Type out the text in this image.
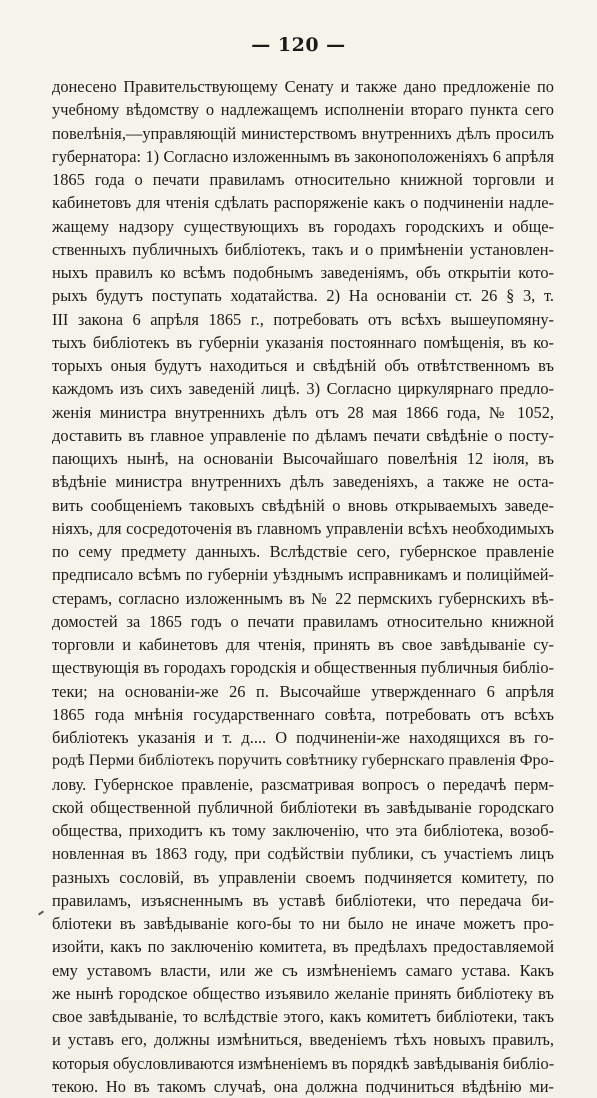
— 120 —
донесено Правительствующему Сенату и также дано предложеніе по
учебному вѣдомству о надлежащемъ исполненіи втораго пункта сего
повелѣнія,—управляющій министерствомъ внутреннихъ дѣлъ просилъ
губернатора: 1) Согласно изложеннымъ въ законоположеніяхъ 6 апрѣля
1865 года о печати правиламъ относительно книжной торговли и
кабинетовъ для чтенія сдѣлать распоряженіе какъ о подчиненіи надле-
жащему надзору существующихъ въ городахъ городскихъ и обще-
ственныхъ публичныхъ библіотекъ, такъ и о примѣненіи установлен-
ныхъ правилъ ко всѣмъ подобнымъ заведеніямъ, объ открытіи кото-
рыхъ будутъ поступать ходатайства. 2) На основаніи ст. 26 § 3, т.
III закона 6 апрѣля 1865 г., потребовать отъ всѣхъ вышеупомяну-
тыхъ библіотекъ въ губерніи указанія постояннаго помѣщенія, въ ко-
торыхъ оныя будутъ находиться и свѣдѣній объ отвѣтственномъ въ
каждомъ изъ сихъ заведеній лицѣ. 3) Согласно циркулярнаго предло-
женія министра внутреннихъ дѣлъ отъ 28 мая 1866 года, № 1052,
доставить въ главное управленіе по дѣламъ печати свѣдѣніе о посту-
пающихъ нынѣ, на основаніи Высочайшаго повелѣнія 12 іюля, въ
вѣдѣніе министра внутреннихъ дѣлъ заведеніяхъ, а также не оста-
вить сообщеніемъ таковыхъ свѣдѣній о вновь открываемыхъ заведе-
ніяхъ, для сосредоточенія въ главномъ управленіи всѣхъ необходимыхъ
по сему предмету данныхъ. Вслѣдствіе сего, губернское правленіе
предписало всѣмъ по губерніи уѣзднымъ исправникамъ и полиціймей-
стерамъ, согласно изложеннымъ въ № 22 пермскихъ губернскихъ вѣ-
домостей за 1865 годъ о печати правиламъ относительно книжной
торговли и кабинетовъ для чтенія, принять въ свое завѣдываніе су-
ществующія въ городахъ городскія и общественныя публичныя библіо-
теки; на основаніи-же 26 п. Высочайше утвержденнаго 6 апрѣля
1865 года мнѣнія государственнаго совѣта, потребовать отъ всѣхъ
библіотекъ указанія и т. д.... О подчиненіи-же находящихся въ го-
родѣ Перми библіотекъ поручить совѣтнику губернскаго правленія Фро-
лову. Губернское правленіе, разсматривая вопросъ о передачѣ перм-
ской общественной публичной библіотеки въ завѣдываніе городскаго
общества, приходитъ къ тому заключенію, что эта библіотека, возоб-
новленная въ 1863 году, при содѣйствіи публики, съ участіемъ лицъ
разныхъ сословій, въ управленіи своемъ подчиняется комитету, по
правиламъ, изъясненнымъ въ уставѣ библіотеки, что передача би-
бліотеки въ завѣдываніе кого-бы то ни было не иначе можетъ про-
изойти, какъ по заключенію комитета, въ предѣлахъ предоставляемой
ему уставомъ власти, или же съ измѣненіемъ самаго устава. Какъ
же нынѣ городское общество изъявило желаніе принять библіотеку въ
свое завѣдываніе, то вслѣдствіе этого, какъ комитетъ библіотеки, такъ
и уставъ его, должны измѣниться, введеніемъ тѣхъ новыхъ правилъ,
которыя обусловливаются измѣненіемъ въ порядкѣ завѣдыванія библіо-
текою. Но въ такомъ случаѣ, она должна подчиниться вѣдѣнію ми-
